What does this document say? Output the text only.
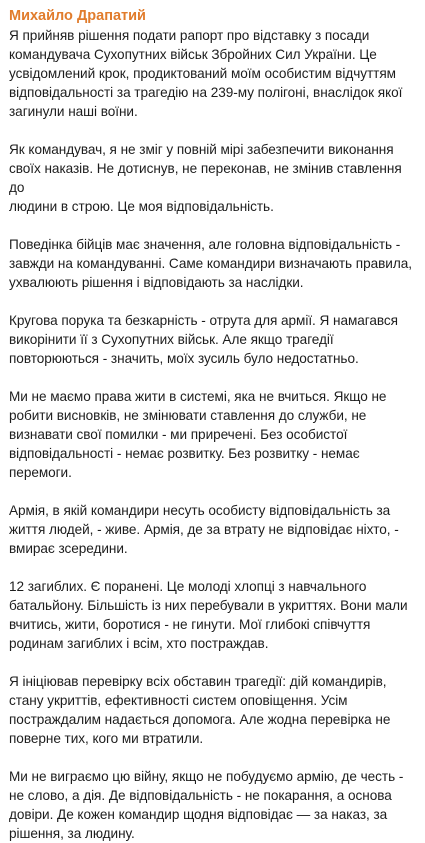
Михайло Драпатий

Я прийняв рішення подати рапорт про відставку з посади
командувача Сухопутних військ Збройних Сил України. Це
усвідомлений крок, продиктований моїм особистим відчуттям
відповідальності за трагедію на 239-му полігоні, внаслідок якої
загинули наші воїни.

Як командувач, я не зміг у повній мірі забезпечити виконання
своїх наказів. Не дотиснув, не переконав, не змінив ставлення до
людини в строю. Це моя відповідальність.

Поведінка бійців має значення, але головна відповідальність -
завжди на командуванні. Саме командири визначають правила,
ухвалюють рішення і відповідають за наслідки.

Кругова порука та безкарність - отрута для армії. Я намагався
викорінити її з Сухопутних військ. Але якщо трагедії
повторюються - значить, моїх зусиль було недостатньо.

Ми не маємо права жити в системі, яка не вчиться. Якщо не
робити висновків, не змінювати ставлення до служби, не
визнавати свої помилки - ми приречені. Без особистої
відповідальності - немає розвитку. Без розвитку - немає
перемоги.

Армія, в якій командири несуть особисту відповідальність за
життя людей, - живе. Армія, де за втрату не відповідає ніхто, -
вмирає зсередини.

12 загиблих. Є поранені. Це молоді хлопці з навчального
батальйону. Більшість із них перебували в укриттях. Вони мали
вчитись, жити, боротися - не гинути. Мої глибокі співчуття
родинам загиблих і всім, хто постраждав.

Я ініціював перевірку всіх обставин трагедії: дій командирів,
стану укриттів, ефективності систем оповіщення. Усім
постраждалим надається допомога. Але жодна перевірка не
поверне тих, кого ми втратили.

Ми не виграємо цю війну, якщо не побудуємо армію, де честь -
не слово, а дія. Де відповідальність - не покарання, а основа
довіри. Де кожен командир щодня відповідає — за наказ, за
рішення, за людину.
